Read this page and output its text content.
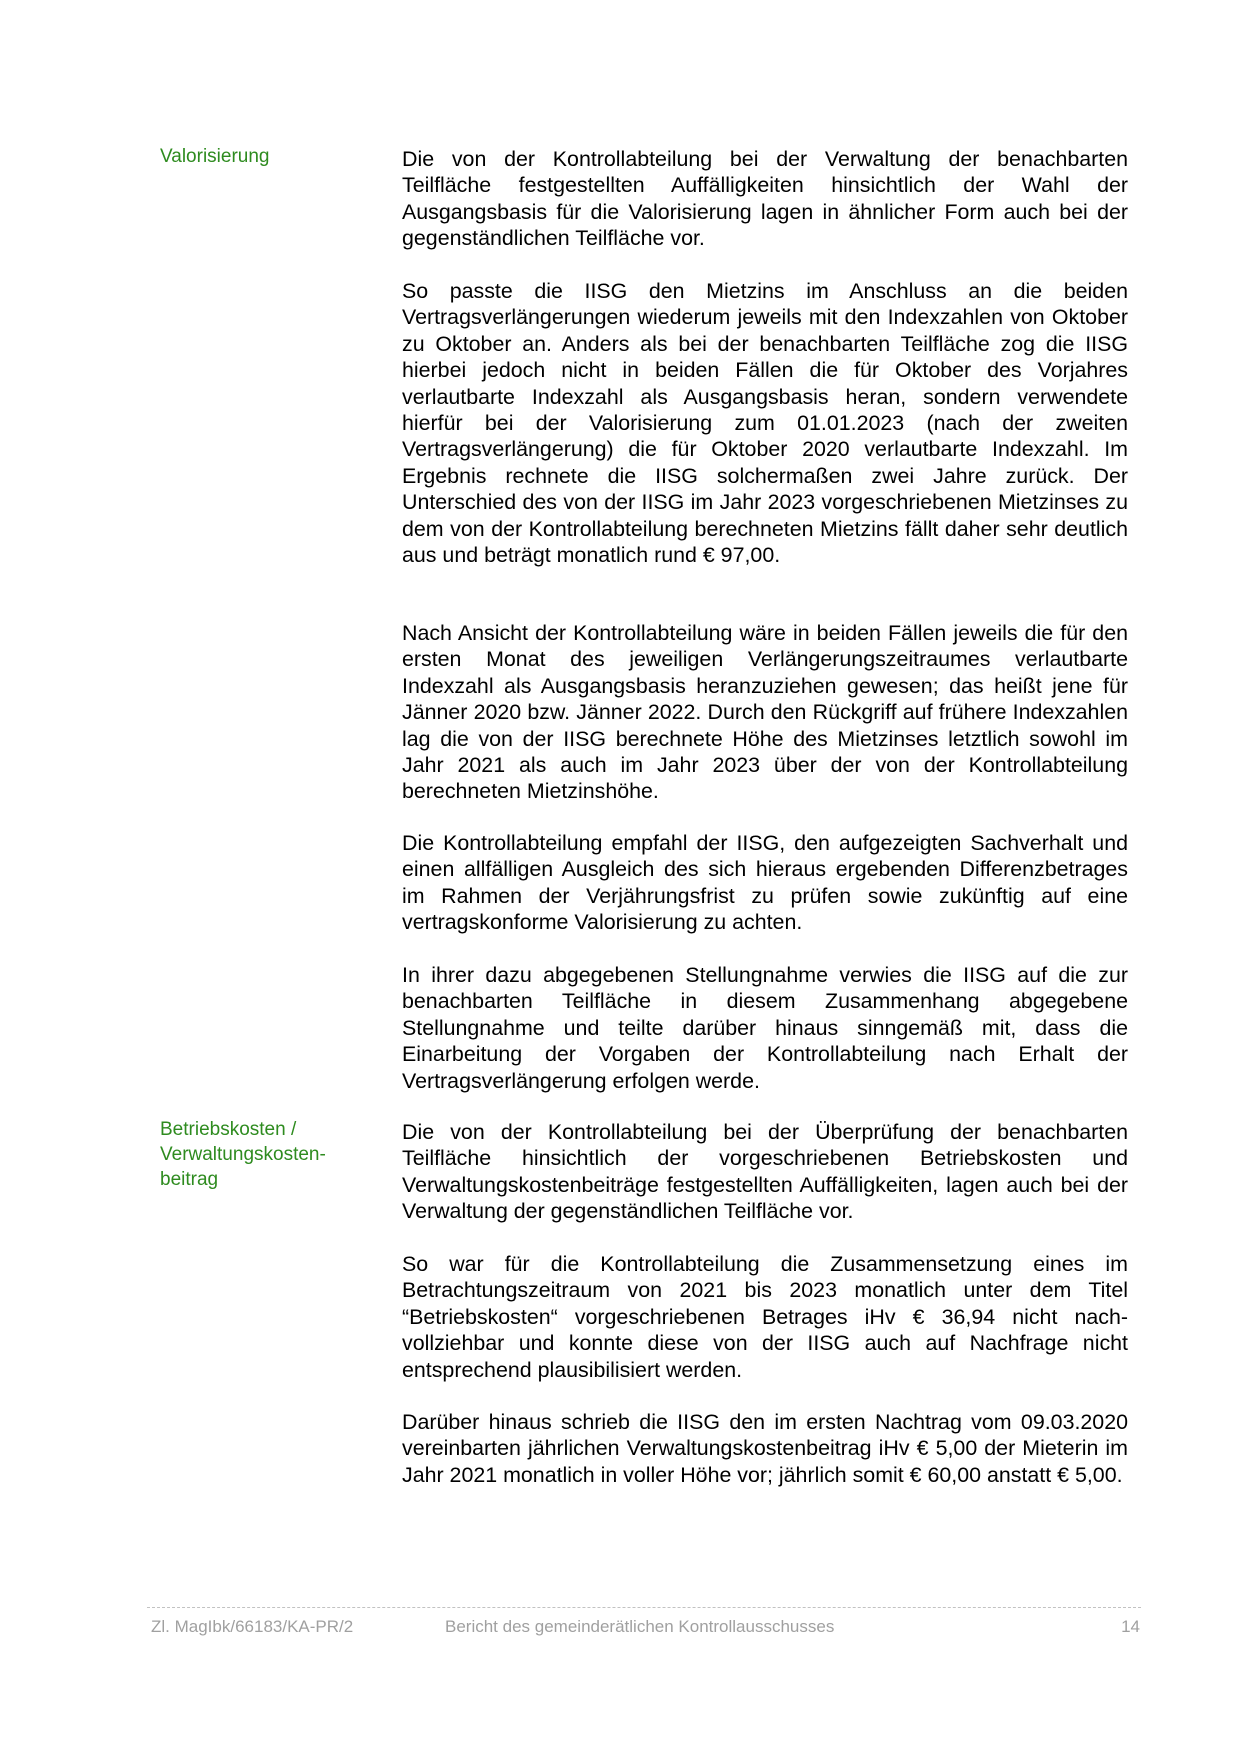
Valorisierung	Die von der Kontrollabteilung bei der Verwaltung der benachbarten Teilfläche festgestellten Auffälligkeiten hinsichtlich der Wahl der Ausgangsbasis für die Valorisierung lagen in ähnlicher Form auch bei der gegenständlichen Teilfläche vor.

So passte die IISG den Mietzins im Anschluss an die beiden Vertragsverlängerungen wiederum jeweils mit den Indexzahlen von Oktober zu Oktober an. Anders als bei der benachbarten Teilfläche zog die IISG hierbei jedoch nicht in beiden Fällen die für Oktober des Vorjahres verlautbarte Indexzahl als Ausgangsbasis heran, sondern verwendete hierfür bei der Valorisierung zum 01.01.2023 (nach der zweiten Vertragsverlängerung) die für Oktober 2020 verlautbarte Indexzahl. Im Ergebnis rechnete die IISG solchermaßen zwei Jahre zurück. Der Unterschied des von der IISG im Jahr 2023 vorgeschriebenen Mietzinses zu dem von der Kontrollabteilung berechneten Mietzins fällt daher sehr deutlich aus und beträgt monatlich rund € 97,00.

Nach Ansicht der Kontrollabteilung wäre in beiden Fällen jeweils die für den ersten Monat des jeweiligen Verlängerungszeitraumes verlautbarte Indexzahl als Ausgangsbasis heranzuziehen gewesen; das heißt jene für Jänner 2020 bzw. Jänner 2022. Durch den Rückgriff auf frühere Indexzahlen lag die von der IISG berechnete Höhe des Mietzinses letztlich sowohl im Jahr 2021 als auch im Jahr 2023 über der von der Kontrollabteilung berechneten Mietzinshöhe.

Die Kontrollabteilung empfahl der IISG, den aufgezeigten Sachverhalt und einen allfälligen Ausgleich des sich hieraus ergebenden Differenzbetrages im Rahmen der Verjährungsfrist zu prüfen sowie zukünftig auf eine vertragskonforme Valorisierung zu achten.

In ihrer dazu abgegebenen Stellungnahme verwies die IISG auf die zur benachbarten Teilfläche in diesem Zusammenhang abgegebene Stellungnahme und teilte darüber hinaus sinngemäß mit, dass die Einarbeitung der Vorgaben der Kontrollabteilung nach Erhalt der Vertragsverlängerung erfolgen werde.

Betriebskosten / Verwaltungskosten-beitrag

Die von der Kontrollabteilung bei der Überprüfung der benachbarten Teilfläche hinsichtlich der vorgeschriebenen Betriebskosten und Verwaltungskostenbeiträge festgestellten Auffälligkeiten, lagen auch bei der Verwaltung der gegenständlichen Teilfläche vor.

So war für die Kontrollabteilung die Zusammensetzung eines im Betrachtungszeitraum von 2021 bis 2023 monatlich unter dem Titel “Betriebskosten“ vorgeschriebenen Betrages iHv € 36,94 nicht nachvollziehbar und konnte diese von der IISG auch auf Nachfrage nicht entsprechend plausibilisiert werden.

Darüber hinaus schrieb die IISG den im ersten Nachtrag vom 09.03.2020 vereinbarten jährlichen Verwaltungskostenbeitrag iHv € 5,00 der Mieterin im Jahr 2021 monatlich in voller Höhe vor; jährlich somit € 60,00 anstatt € 5,00.

Zl. MagIbk/66183/KA-PR/2	Bericht des gemeinderätlichen Kontrollausschusses	14
